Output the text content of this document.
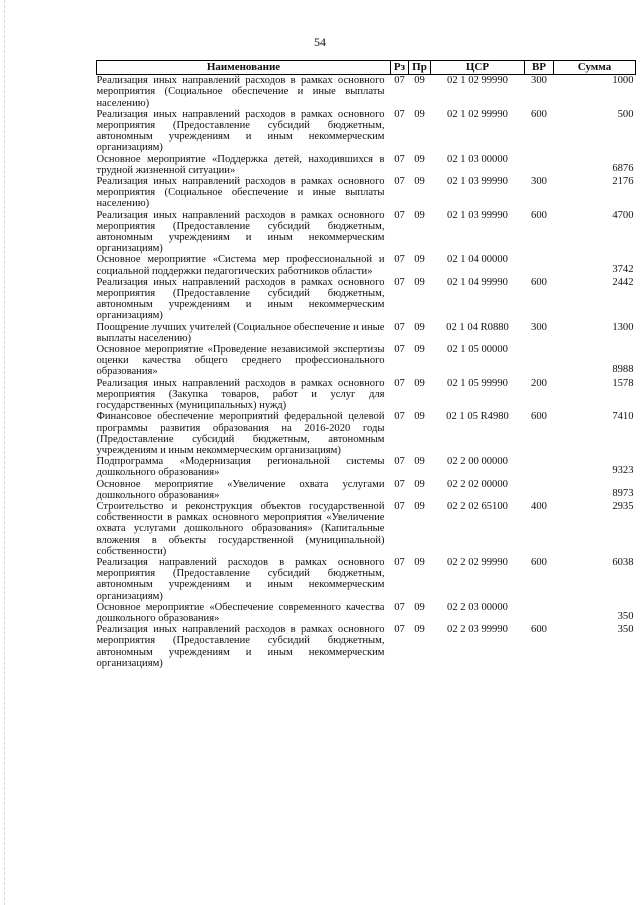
54
Наименование	Рз	Пр	ЦСР	ВР	Сумма
Реализация иных направлений расходов в рамках основного мероприятия (Социальное обеспечение и иные выплаты населению)	07	09	02 1 02 99990	300	1000
Реализация иных направлений расходов в рамках основного мероприятия (Предоставление субсидий бюджетным, автономным учреждениям и иным некоммерческим организациям)	07	09	02 1 02 99990	600	500
Основное мероприятие «Поддержка детей, находившихся в трудной жизненной ситуации»	07	09	02 1 03 00000		6876
Реализация иных направлений расходов в рамках основного мероприятия (Социальное обеспечение и иные выплаты населению)	07	09	02 1 03 99990	300	2176
Реализация иных направлений расходов в рамках основного мероприятия (Предоставление субсидий бюджетным, автономным учреждениям и иным некоммерческим организациям)	07	09	02 1 03 99990	600	4700
Основное мероприятие «Система мер профессиональной и социальной поддержки педагогических работников области»	07	09	02 1 04 00000		3742
Реализация иных направлений расходов в рамках основного мероприятия (Предоставление субсидий бюджетным, автономным учреждениям и иным некоммерческим организациям)	07	09	02 1 04 99990	600	2442
Поощрение лучших учителей (Социальное обеспечение и иные выплаты населению)	07	09	02 1 04 R0880	300	1300
Основное мероприятие «Проведение независимой экспертизы оценки качества общего среднего профессионального образования»	07	09	02 1 05 00000		8988
Реализация иных направлений расходов в рамках основного мероприятия (Закупка товаров, работ и услуг для государственных (муниципальных) нужд)	07	09	02 1 05 99990	200	1578
Финансовое обеспечение мероприятий федеральной целевой программы развития образования на 2016-2020 годы (Предоставление субсидий бюджетным, автономным учреждениям и иным некоммерческим организациям)	07	09	02 1 05 R4980	600	7410
Подпрограмма «Модернизация региональной системы дошкольного образования»	07	09	02 2 00 00000		9323
Основное мероприятие «Увеличение охвата услугами дошкольного образования»	07	09	02 2 02 00000		8973
Строительство и реконструкция объектов государственной собственности в рамках основного мероприятия «Увеличение охвата услугами дошкольного образования» (Капитальные вложения в объекты государственной (муниципальной) собственности)	07	09	02 2 02 65100	400	2935
Реализация направлений расходов в рамках основного мероприятия (Предоставление субсидий бюджетным, автономным учреждениям и иным некоммерческим организациям)	07	09	02 2 02 99990	600	6038
Основное мероприятие «Обеспечение современного качества дошкольного образования»	07	09	02 2 03 00000		350
Реализация иных направлений расходов в рамках основного мероприятия (Предоставление субсидий бюджетным, автономным учреждениям и иным некоммерческим организациям)	07	09	02 2 03 99990	600	350
